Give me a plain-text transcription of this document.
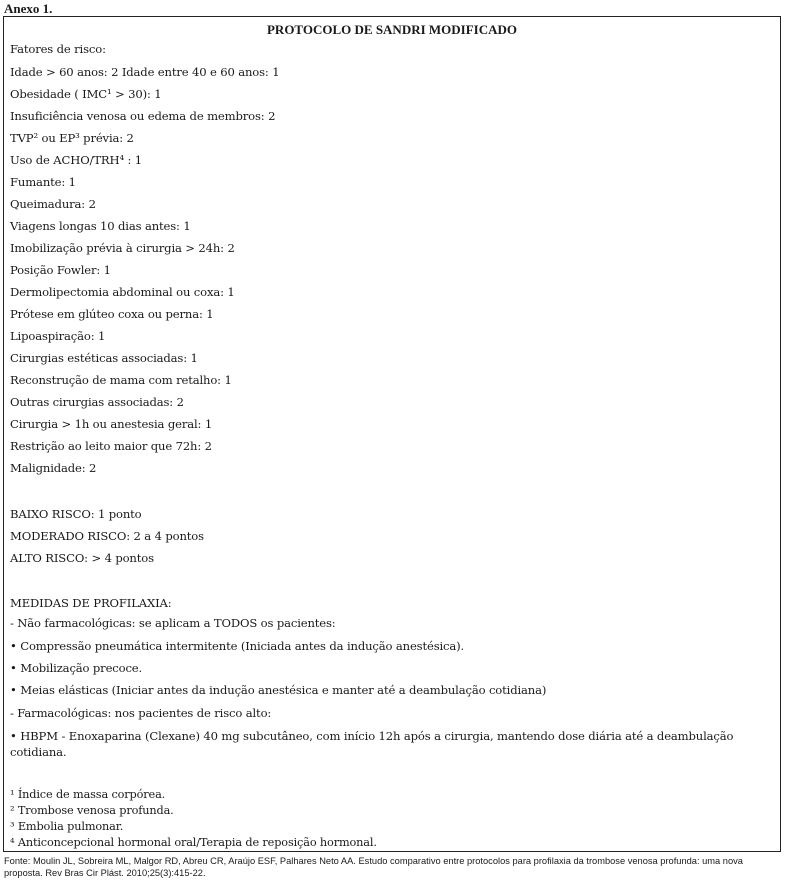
Anexo 1.
PROTOCOLO DE SANDRI MODIFICADO
Fatores de risco:
Idade > 60 anos: 2 Idade entre 40 e 60 anos: 1
Obesidade ( IMC¹ > 30): 1
Insuficiência venosa ou edema de membros: 2
TVP² ou EP³ prévia: 2
Uso de ACHO/TRH⁴ : 1
Fumante: 1
Queimadura: 2
Viagens longas 10 dias antes: 1
Imobilização prévia à cirurgia > 24h: 2
Posição Fowler: 1
Dermolipectomia abdominal ou coxa: 1
Prótese em glúteo coxa ou perna: 1
Lipoaspiração: 1
Cirurgias estéticas associadas: 1
Reconstrução de mama com retalho: 1
Outras cirurgias associadas: 2
Cirurgia > 1h ou anestesia geral: 1
Restrição ao leito maior que 72h: 2
Malignidade: 2
BAIXO RISCO: 1 ponto
MODERADO RISCO: 2 a 4 pontos
ALTO RISCO: > 4 pontos
MEDIDAS DE PROFILAXIA:
- Não farmacológicas: se aplicam a TODOS os pacientes:
• Compressão pneumática intermitente (Iniciada antes da indução anestésica).
• Mobilização precoce.
• Meias elásticas (Iniciar antes da indução anestésica e manter até a deambulação cotidiana)
- Farmacológicas: nos pacientes de risco alto:
• HBPM - Enoxaparina (Clexane) 40 mg subcutâneo, com início 12h após a cirurgia, mantendo dose diária até a deambulação cotidiana.
¹ Índice de massa corpórea.
² Trombose venosa profunda.
³ Embolia pulmonar.
⁴ Anticoncepcional hormonal oral/Terapia de reposição hormonal.
Fonte: Moulin JL, Sobreira ML, Malgor RD, Abreu CR, Araújo ESF, Palhares Neto AA. Estudo comparativo entre protocolos para profilaxia da trombose venosa profunda: uma nova proposta. Rev Bras Cir Plást. 2010;25(3):415-22.
